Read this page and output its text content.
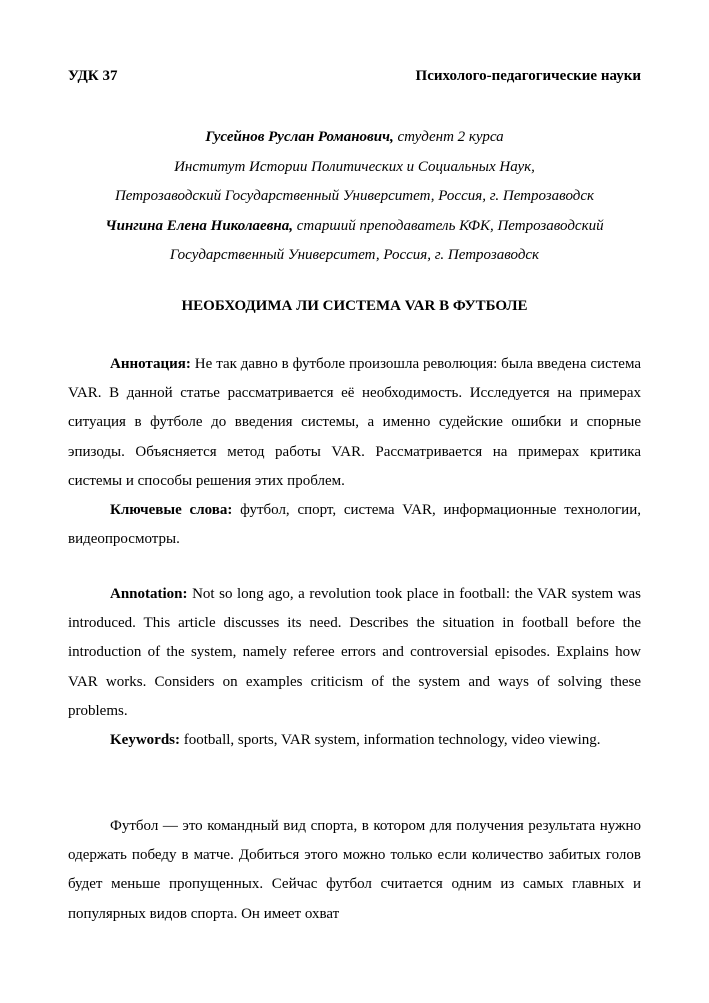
УДК 37	Психолого-педагогические науки
Гусейнов Руслан Романович, студент 2 курса
Институт Истории Политических и Социальных Наук,
Петрозаводский Государственный Университет, Россия, г. Петрозаводск
Чингина Елена Николаевна, старший преподаватель КФК, Петрозаводский
Государственный Университет, Россия, г. Петрозаводск
НЕОБХОДИМА ЛИ СИСТЕМА VAR В ФУТБОЛЕ

Аннотация: Не так давно в футболе произошла революция: была введена система VAR. В данной статье рассматривается её необходимость. Исследуется на примерах ситуация в футболе до введения системы, а именно судейские ошибки и спорные эпизоды. Объясняется метод работы VAR. Рассматривается на примерах критика системы и способы решения этих проблем.

Ключевые слова: футбол, спорт, система VAR, информационные технологии, видеопросмотры.

Annotation: Not so long ago, a revolution took place in football: the VAR system was introduced. This article discusses its need. Describes the situation in football before the introduction of the system, namely referee errors and controversial episodes. Explains how VAR works. Considers on examples criticism of the system and ways of solving these problems.

Keywords: football, sports, VAR system, information technology, video viewing.

Футбол — это командный вид спорта, в котором для получения результата нужно одержать победу в матче. Добиться этого можно только если количество забитых голов будет меньше пропущенных. Сейчас футбол считается одним из самых главных и популярных видов спорта. Он имеет охват
